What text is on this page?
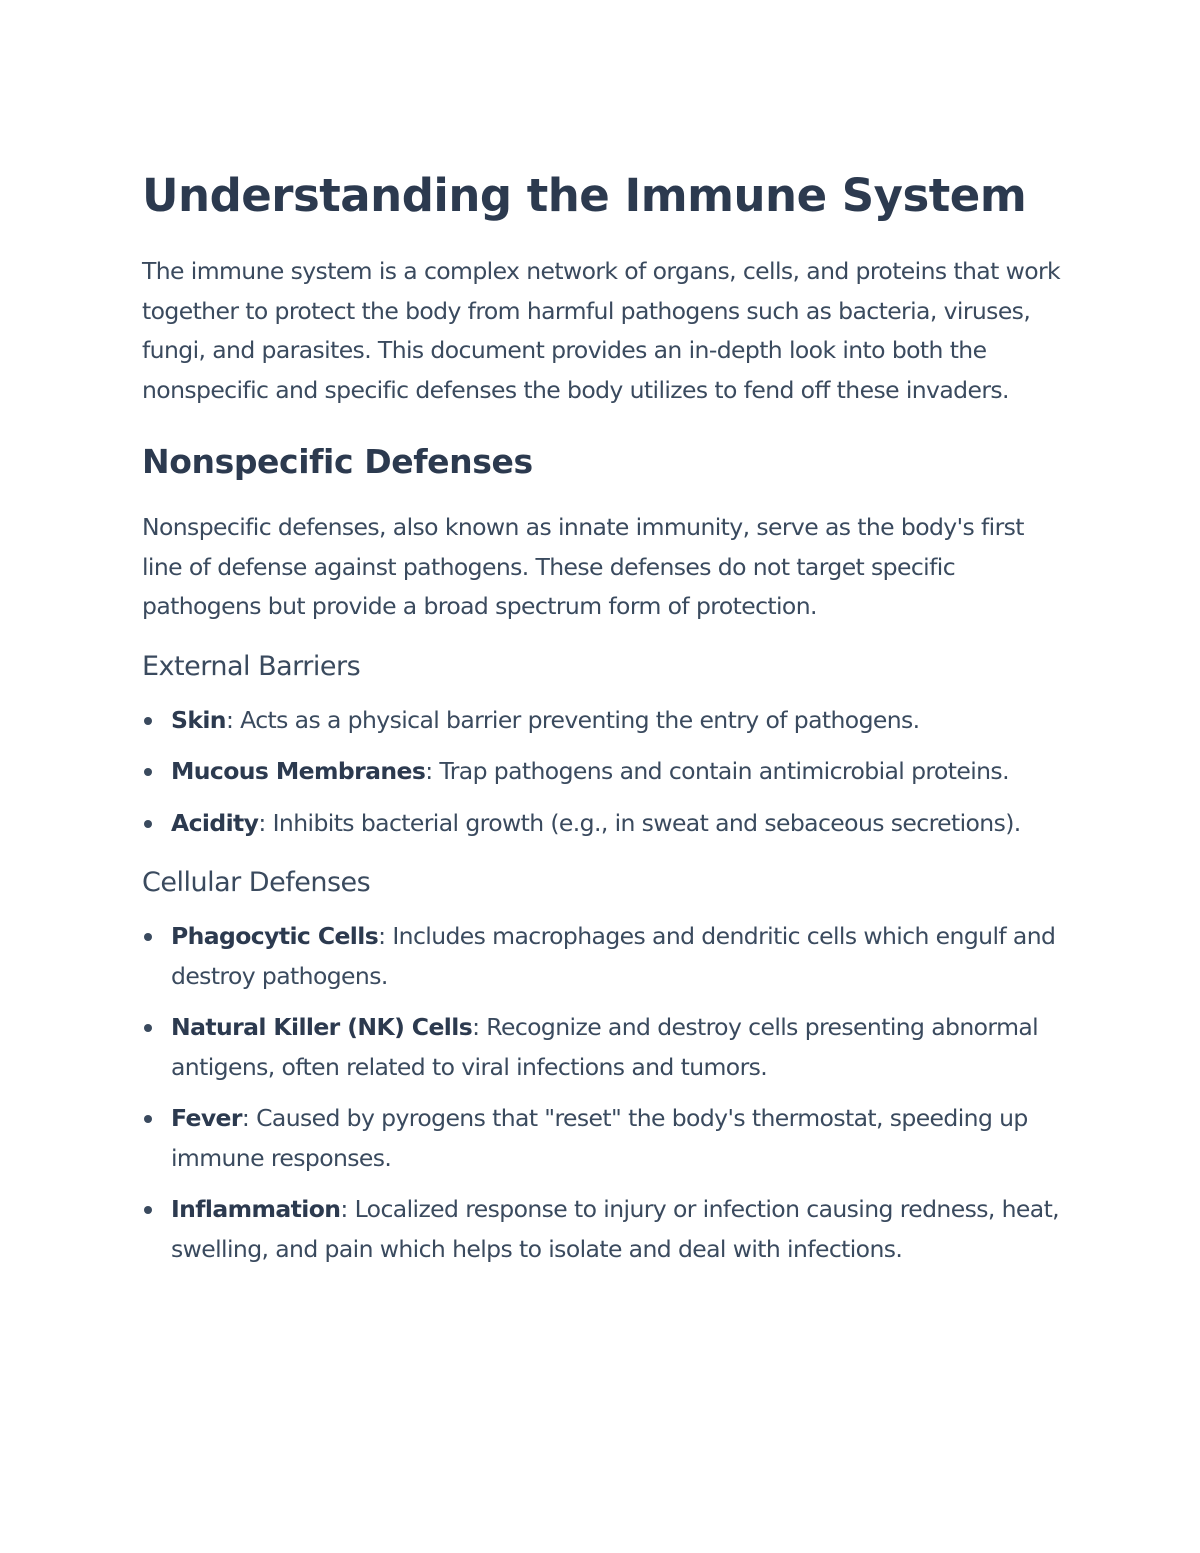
Understanding the Immune System

The immune system is a complex network of organs, cells, and proteins that work together to protect the body from harmful pathogens such as bacteria, viruses, fungi, and parasites. This document provides an in-depth look into both the nonspecific and specific defenses the body utilizes to fend off these invaders.

Nonspecific Defenses

Nonspecific defenses, also known as innate immunity, serve as the body's first line of defense against pathogens. These defenses do not target specific pathogens but provide a broad spectrum form of protection.

External Barriers
Skin: Acts as a physical barrier preventing the entry of pathogens.
Mucous Membranes: Trap pathogens and contain antimicrobial proteins.
Acidity: Inhibits bacterial growth (e.g., in sweat and sebaceous secretions).
Cellular Defenses
Phagocytic Cells: Includes macrophages and dendritic cells which engulf and destroy pathogens.
Natural Killer (NK) Cells: Recognize and destroy cells presenting abnormal antigens, often related to viral infections and tumors.
Fever: Caused by pyrogens that "reset" the body's thermostat, speeding up immune responses.
Inflammation: Localized response to injury or infection causing redness, heat, swelling, and pain which helps to isolate and deal with infections.
